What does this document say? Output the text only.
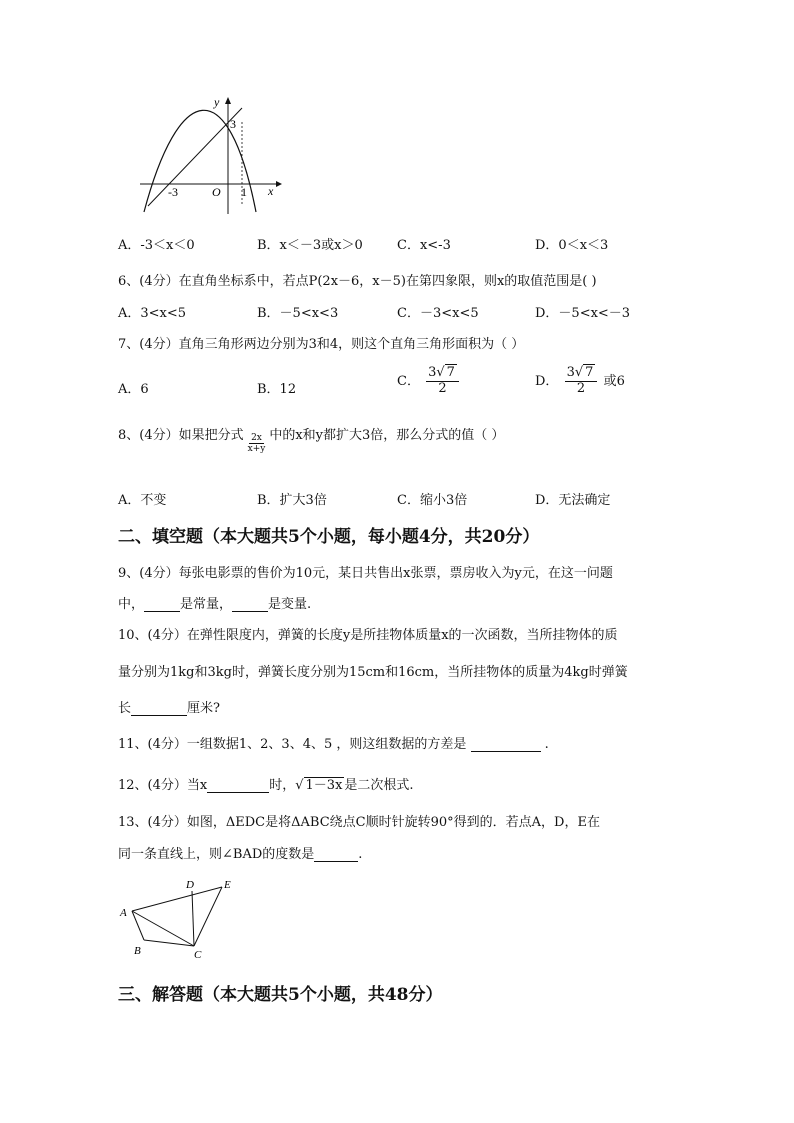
y
x
3
-3	O 1
A．-3＜x＜0	B．x＜－3或x＞0	C．x<-3	D．0＜x＜3
6、(4分）在直角坐标系中，若点P(2x－6，x－5)在第四象限，则x的取值范围是( )
A．3<x<5	B．－5<x<3	C．－3<x<5	D．－5<x<－3
7、(4分）直角三角形两边分别为3和4，则这个直角三角形面积为（ ）
A．6	B．12
C． $\frac{3√ 7}{2}$	D． $\frac{3√ 7}{2}$ 或6
8、(4分）如果把分式 $\frac{2x}{x+y}$ 中的x和y都扩大3倍，那么分式的值（ ）
A．不变	B．扩大3倍	C．缩小3倍	D．无法确定
二、填空题（本大题共5个小题，每小题4分，共20分）
9、(4分）每张电影票的售价为10元，某日共售出x张票，票房收入为y元，在这一问题
中，	是常量，	是变量.
10、(4分）在弹性限度内，弹簧的长度y是所挂物体质量x的一次函数，当所挂物体的质
量分别为1kg和3kg时，弹簧长度分别为15cm和16cm，当所挂物体的质量为4kg时弹簧
长	厘米?
11、(4分）一组数据1、2、3、4、5 ，则这组数据的方差是	.
12、(4分）当x	时，√ 1－3x 是二次根式.
13、(4分）如图，ΔEDC是将ΔABC绕点C顺时针旋转90°得到的．若点A，D，E在
同一条直线上，则∠BAD的度数是	.
A
B	C
D	E
三、解答题（本大题共5个小题，共48分）
